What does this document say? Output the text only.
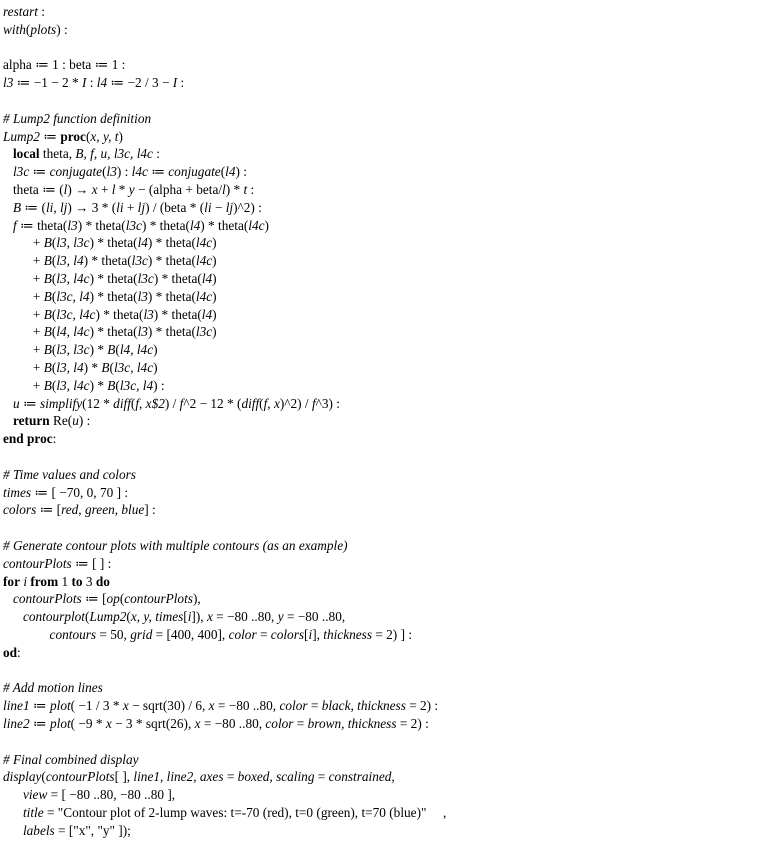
restart :
with(plots) :
alpha ≔ 1 : beta ≔ 1 :
l3 ≔ −1 − 2 * I : l4 ≔ −2 / 3 − I :
# Lump2 function definition
Lump2 ≔ proc(x, y, t)
local theta, B, f, u, l3c, l4c :
l3c ≔ conjugate(l3) : l4c ≔ conjugate(l4) :
theta ≔ (l) → x + l * y − (alpha + beta/l) * t :
B ≔ (li, lj) → 3 * (li + lj) / (beta * (li − lj)^2) :
f ≔ theta(l3) * theta(l3c) * theta(l4) * theta(l4c)
+ B(l3, l3c) * theta(l4) * theta(l4c)
+ B(l3, l4) * theta(l3c) * theta(l4c)
+ B(l3, l4c) * theta(l3c) * theta(l4)
+ B(l3c, l4) * theta(l3) * theta(l4c)
+ B(l3c, l4c) * theta(l3) * theta(l4)
+ B(l4, l4c) * theta(l3) * theta(l3c)
+ B(l3, l3c) * B(l4, l4c)
+ B(l3, l4) * B(l3c, l4c)
+ B(l3, l4c) * B(l3c, l4) :
u ≔ simplify(12 * diff(f, x$2) / f^2 − 12 * (diff(f, x)^2) / f^3) :
return Re(u) :
end proc:
# Time values and colors
times ≔ [ −70, 0, 70 ] :
colors ≔ [red, green, blue] :
# Generate contour plots with multiple contours (as an example)
contourPlots ≔ [ ] :
for i from 1 to 3 do
contourPlots ≔ [op(contourPlots),
contourplot(Lump2(x, y, times[i]), x = −80 ..80, y = −80 ..80,
contours = 50, grid = [400, 400], color = colors[i], thickness = 2) ] :
od:
# Add motion lines
line1 ≔ plot( −1 / 3 * x − sqrt(30) / 6, x = −80 ..80, color = black, thickness = 2) :
line2 ≔ plot( −9 * x − 3 * sqrt(26), x = −80 ..80, color = brown, thickness = 2) :
# Final combined display
display(contourPlots[ ], line1, line2, axes = boxed, scaling = constrained,
view = [ −80 ..80, −80 ..80 ],
title = "Contour plot of 2-lump waves: t=-70 (red), t=0 (green), t=70 (blue)"     ,
labels = ["x", "y" ]);
